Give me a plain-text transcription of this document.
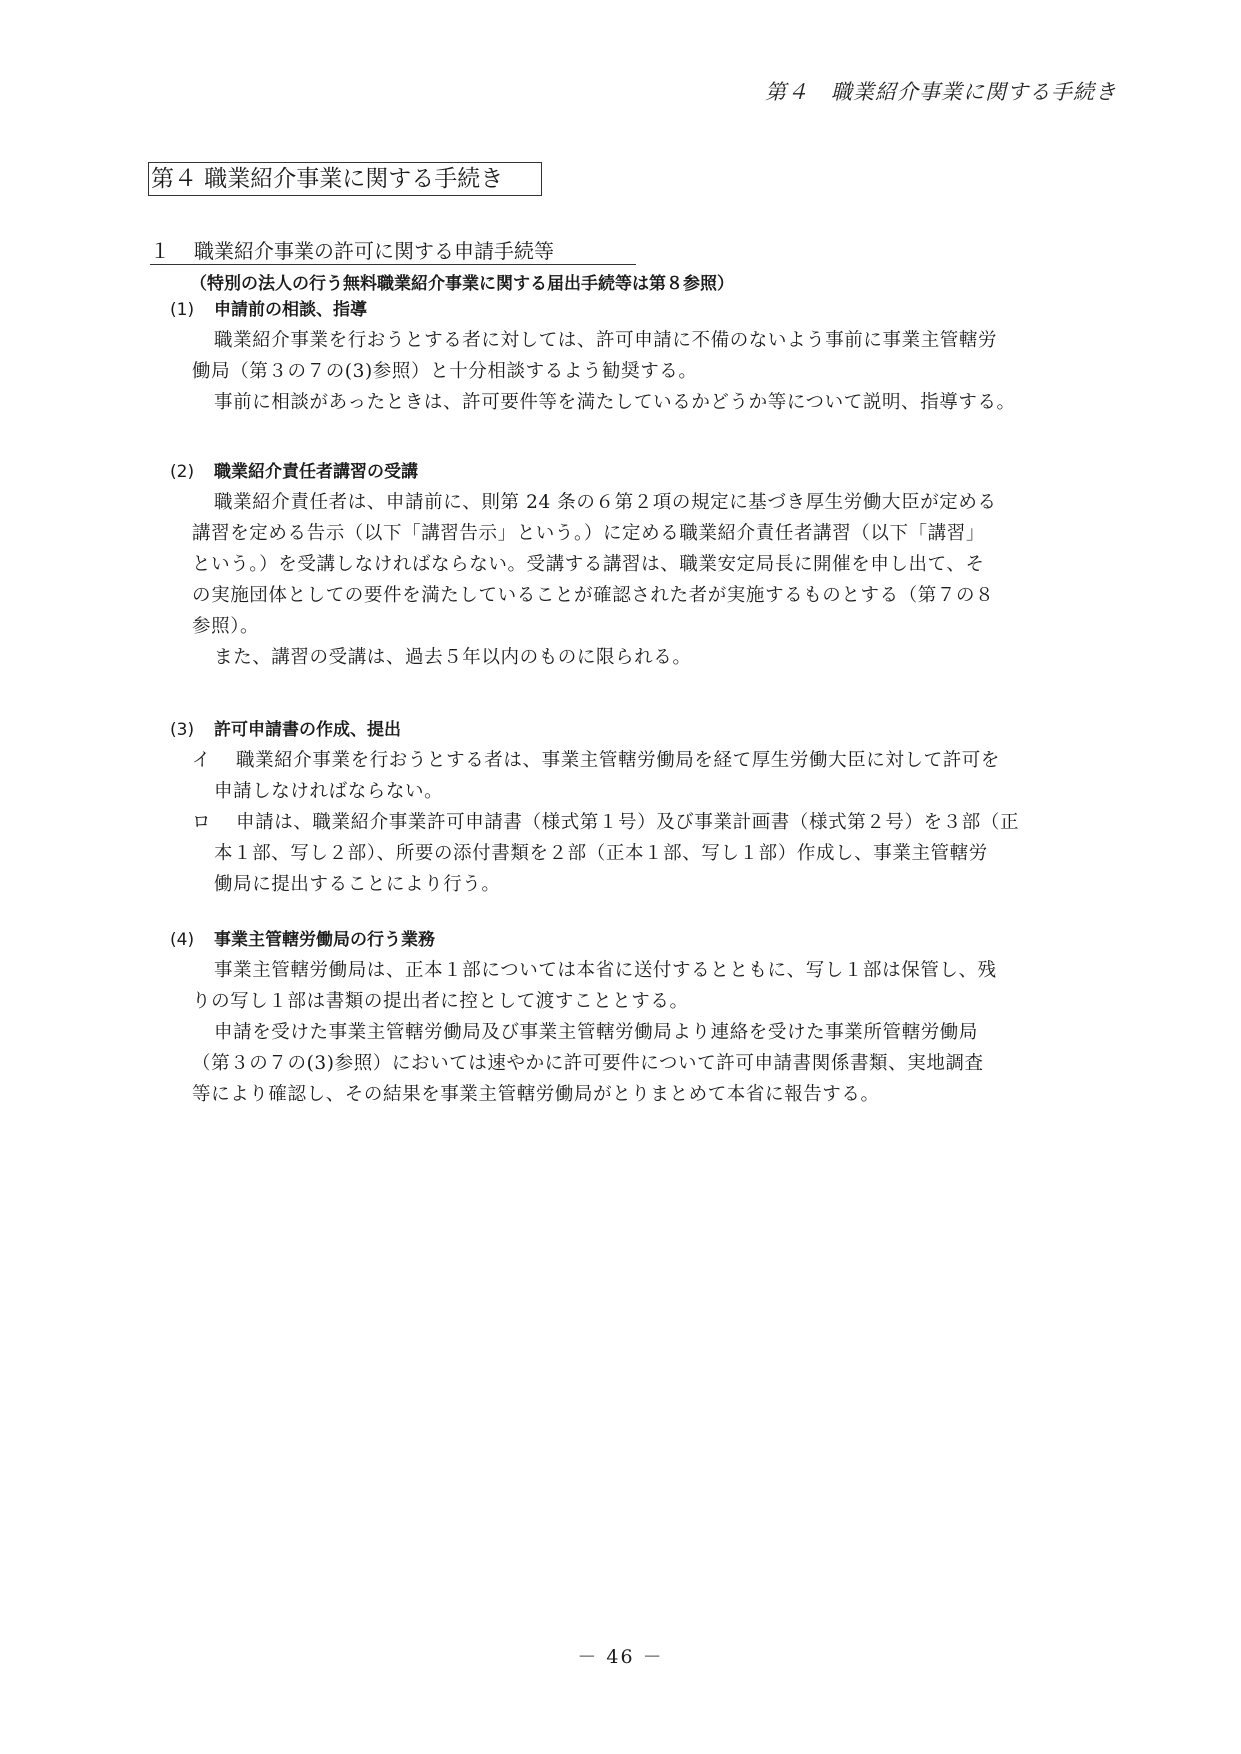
第４　職業紹介事業に関する手続き
第４ 職業紹介事業に関する手続き
１ 職業紹介事業の許可に関する申請手続等
（特別の法人の行う無料職業紹介事業に関する届出手続等は第８参照）
(1) 申請前の相談、指導
職業紹介事業を行おうとする者に対しては、許可申請に不備のないよう事前に事業主管轄労
働局（第３の７の(3)参照）と十分相談するよう勧奨する。
事前に相談があったときは、許可要件等を満たしているかどうか等について説明、指導する。
(2) 職業紹介責任者講習の受講
職業紹介責任者は、申請前に、則第 24 条の６第２項の規定に基づき厚生労働大臣が定める
講習を定める告示（以下「講習告示」という。）に定める職業紹介責任者講習（以下「講習」
という。）を受講しなければならない。受講する講習は、職業安定局長に開催を申し出て、そ
の実施団体としての要件を満たしていることが確認された者が実施するものとする（第７の８
参照）。
また、講習の受講は、過去５年以内のものに限られる。
(3) 許可申請書の作成、提出
イ	職業紹介事業を行おうとする者は、事業主管轄労働局を経て厚生労働大臣に対して許可を
申請しなければならない。
ロ	申請は、職業紹介事業許可申請書（様式第１号）及び事業計画書（様式第２号）を３部（正
本１部、写し２部）、所要の添付書類を２部（正本１部、写し１部）作成し、事業主管轄労
働局に提出することにより行う。
(4) 事業主管轄労働局の行う業務
事業主管轄労働局は、正本１部については本省に送付するとともに、写し１部は保管し、残
りの写し１部は書類の提出者に控として渡すこととする。
申請を受けた事業主管轄労働局及び事業主管轄労働局より連絡を受けた事業所管轄労働局
（第３の７の(3)参照）においては速やかに許可要件について許可申請書関係書類、実地調査
等により確認し、その結果を事業主管轄労働局がとりまとめて本省に報告する。
－ 46 －
